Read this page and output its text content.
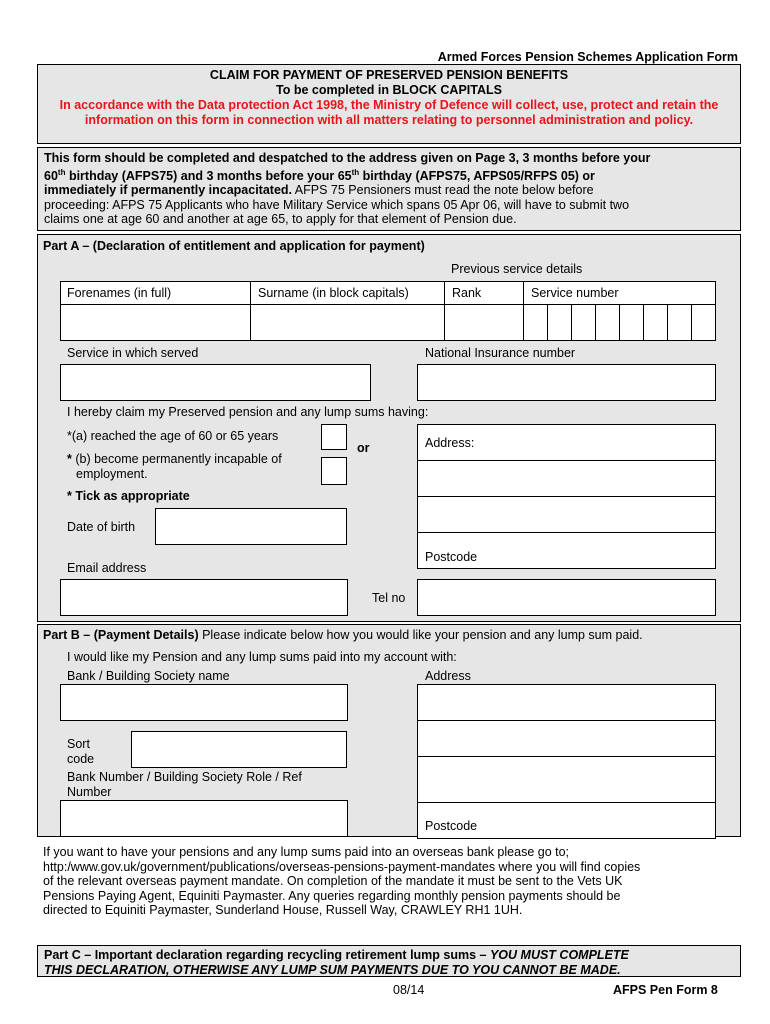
Armed Forces Pension Schemes Application Form
CLAIM FOR PAYMENT OF PRESERVED PENSION BENEFITS
To be completed in BLOCK CAPITALS
In accordance with the Data protection Act 1998, the Ministry of Defence will collect, use, protect and retain the information on this form in connection with all matters relating to personnel administration and policy.
This form should be completed and despatched to the address given on Page 3, 3 months before your
60th birthday (AFPS75) and 3 months before your 65th birthday (AFPS75, AFPS05/RFPS 05) or
immediately if permanently incapacitated. AFPS 75 Pensioners must read the note below before
proceeding: AFPS 75 Applicants who have Military Service which spans 05 Apr 06, will have to submit two
claims one at age 60 and another at age 65, to apply for that element of Pension due.
Part A – (Declaration of entitlement and application for payment)
Previous service details
Forenames (in full)	Surname (in block capitals)	Rank	Service number
Service in which served	National Insurance number
I hereby claim my Preserved pension and any lump sums having:
*(a) reached the age of 60 or 65 years
or
* (b) become permanently incapable of
employment.
* Tick as appropriate
Address:
Postcode
Date of birth
Email address
Tel no
Part B – (Payment Details) Please indicate below how you would like your pension and any lump sum paid.
I would like my Pension and any lump sums paid into my account with:
Bank / Building Society name	Address
Postcode
Sort
code
Bank Number / Building Society Role / Ref
Number
If you want to have your pensions and any lump sums paid into an overseas bank please go to;
http:/www.gov.uk/government/publications/overseas-pensions-payment-mandates where you will find copies
of the relevant overseas payment mandate. On completion of the mandate it must be sent to the Vets UK
Pensions Paying Agent, Equiniti Paymaster. Any queries regarding monthly pension payments should be
directed to Equiniti Paymaster, Sunderland House, Russell Way, CRAWLEY RH1 1UH.
Part C – Important declaration regarding recycling retirement lump sums – YOU MUST COMPLETE
THIS DECLARATION, OTHERWISE ANY LUMP SUM PAYMENTS DUE TO YOU CANNOT BE MADE.
08/14	AFPS Pen Form 8
